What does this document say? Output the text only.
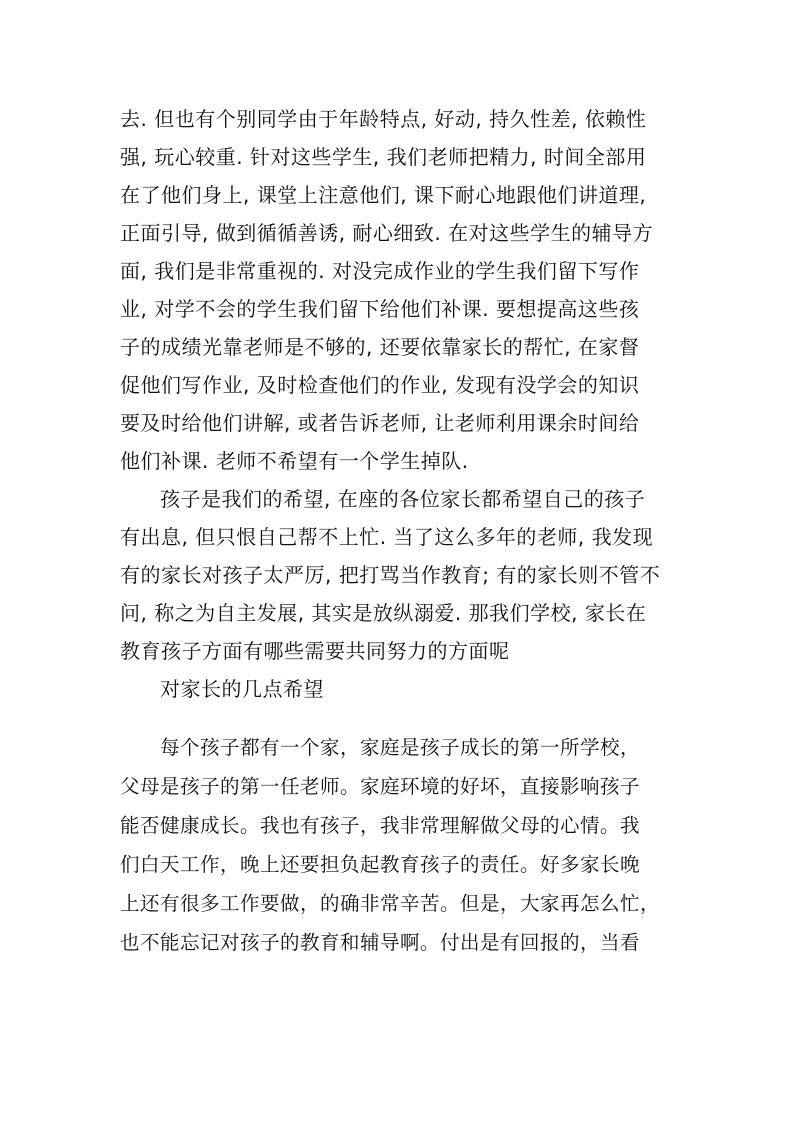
去. 但也有个别同学由于年龄特点, 好动, 持久性差, 依赖性
强, 玩心较重. 针对这些学生, 我们老师把精力, 时间全部用
在了他们身上, 课堂上注意他们, 课下耐心地跟他们讲道理,
正面引导, 做到循循善诱, 耐心细致. 在对这些学生的辅导方
面, 我们是非常重视的. 对没完成作业的学生我们留下写作
业, 对学不会的学生我们留下给他们补课. 要想提高这些孩
子的成绩光靠老师是不够的, 还要依靠家长的帮忙, 在家督
促他们写作业, 及时检查他们的作业, 发现有没学会的知识
要及时给他们讲解, 或者告诉老师, 让老师利用课余时间给
他们补课. 老师不希望有一个学生掉队.
孩子是我们的希望, 在座的各位家长都希望自己的孩子
有出息, 但只恨自己帮不上忙. 当了这么多年的老师, 我发现
有的家长对孩子太严厉, 把打骂当作教育; 有的家长则不管不
问, 称之为自主发展, 其实是放纵溺爱. 那我们学校, 家长在
教育孩子方面有哪些需要共同努力的方面呢
对家长的几点希望
每个孩子都有一个家，家庭是孩子成长的第一所学校，
父母是孩子的第一任老师。家庭环境的好坏，直接影响孩子
能否健康成长。我也有孩子，我非常理解做父母的心情。我
们白天工作，晚上还要担负起教育孩子的责任。好多家长晚
上还有很多工作要做，的确非常辛苦。但是，大家再怎么忙，
也不能忘记对孩子的教育和辅导啊。付出是有回报的，当看
